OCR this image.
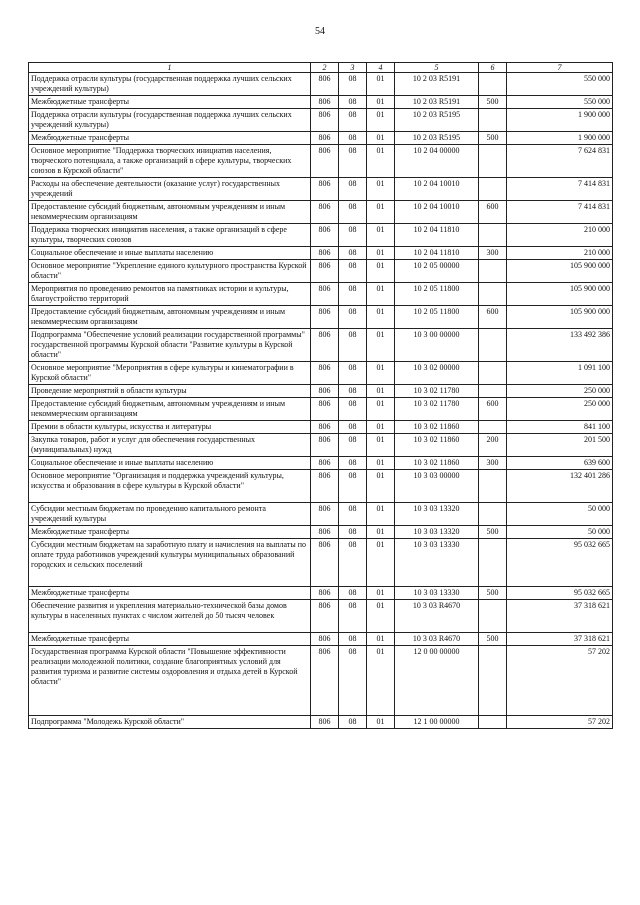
54
1	2	3	4	5	6	7
Поддержка отрасли культуры (государственная поддержка лучших сельских учреждений культуры)	806	08	01	10 2 03 R5191		550 000
Межбюджетные трансферты	806	08	01	10 2 03 R5191	500	550 000
Поддержка отрасли культуры (государственная поддержка лучших сельских учреждений культуры)	806	08	01	10 2 03 R5195		1 900 000
Межбюджетные трансферты	806	08	01	10 2 03 R5195	500	1 900 000
Основное мероприятие "Поддержка творческих инициатив населения, творческого потенциала, а также организаций в сфере культуры, творческих союзов в Курской области"	806	08	01	10 2 04 00000		7 624 831
Расходы на обеспечение деятельности (оказание услуг) государственных учреждений	806	08	01	10 2 04 10010		7 414 831
Предоставление субсидий бюджетным, автономным учреждениям и иным некоммерческим организациям	806	08	01	10 2 04 10010	600	7 414 831
Поддержка творческих инициатив населения, а также организаций в сфере культуры, творческих союзов	806	08	01	10 2 04 11810		210 000
Социальное обеспечение и иные выплаты населению	806	08	01	10 2 04 11810	300	210 000
Основное мероприятие "Укрепление единого культурного пространства Курской области"	806	08	01	10 2 05 00000		105 900 000
Мероприятия по проведению ремонтов на памятниках истории и культуры, благоустройство территорий	806	08	01	10 2 05 11800		105 900 000
Предоставление субсидий бюджетным, автономным учреждениям и иным некоммерческим организациям	806	08	01	10 2 05 11800	600	105 900 000
Подпрограмма "Обеспечение условий реализации государственной программы" государственной программы Курской области "Развитие культуры в Курской области"	806	08	01	10 3 00 00000		133 492 386
Основное мероприятие "Мероприятия в сфере культуры и кинематографии в Курской области"	806	08	01	10 3 02 00000		1 091 100
Проведение мероприятий в области культуры	806	08	01	10 3 02 11780		250 000
Предоставление субсидий бюджетным, автономным учреждениям и иным некоммерческим организациям	806	08	01	10 3 02 11780	600	250 000
Премии в области культуры, искусства и литературы	806	08	01	10 3 02 11860		841 100
Закупка товаров, работ и услуг для обеспечения государственных (муниципальных) нужд	806	08	01	10 3 02 11860	200	201 500
Социальное обеспечение и иные выплаты населению	806	08	01	10 3 02 11860	300	639 600
Основное мероприятие "Организация и поддержка учреждений культуры, искусства и образования в сфере культуры в Курской области"	806	08	01	10 3 03 00000		132 401 286
Субсидии местным бюджетам по проведению капитального ремонта учреждений культуры	806	08	01	10 3 03 13320		50 000
Межбюджетные трансферты	806	08	01	10 3 03 13320	500	50 000
Субсидии местным бюджетам на заработную плату и начисления на выплаты по оплате труда работников учреждений культуры муниципальных образований городских и сельских поселений	806	08	01	10 3 03 13330		95 032 665
Межбюджетные трансферты	806	08	01	10 3 03 13330	500	95 032 665
Обеспечение развития и укрепления материально-технической базы домов культуры в населенных пунктах с числом жителей до 50 тысяч человек	806	08	01	10 3 03 R4670		37 318 621
Межбюджетные трансферты	806	08	01	10 3 03 R4670	500	37 318 621
Государственная программа Курской области "Повышение эффективности реализации молодежной политики, создание благоприятных условий для развития туризма и развитие системы оздоровления и отдыха детей в Курской области"	806	08	01	12 0 00 00000		57 202
Подпрограмма "Молодежь Курской области"	806	08	01	12 1 00 00000		57 202
